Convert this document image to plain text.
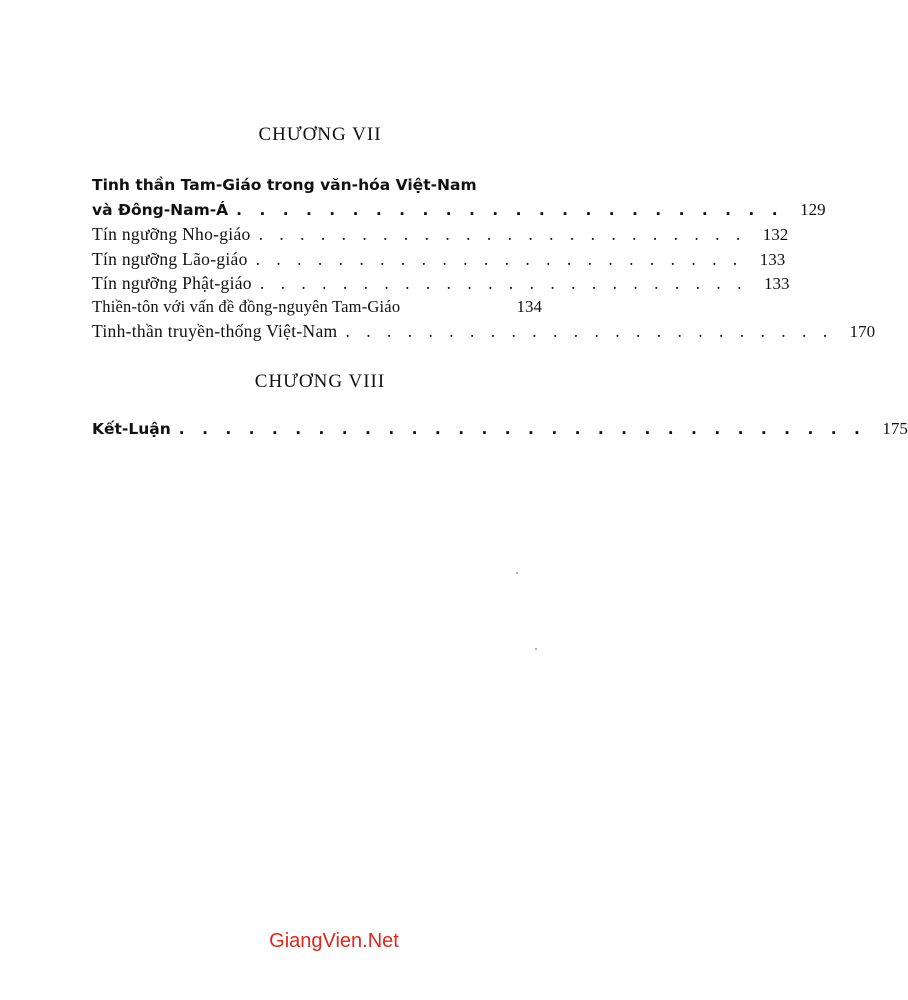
CHƯƠNG VII
Tinh thần Tam-Giáo trong văn-hóa Việt-Nam
và Đông-Nam-Á . . . . . . . . . . . . . . . . . . . . . . . . 129
Tín ngưỡng Nho-giáo . . . . . . . . . . . . . . . . . . . . . . . . 132
Tín ngưỡng Lão-giáo . . . . . . . . . . . . . . . . . . . . . . . . 133
Tín ngưỡng Phật-giáo . . . . . . . . . . . . . . . . . . . . . . . . 133
Thiền-tôn với vấn đề đồng-nguyên Tam-Giáo	134
Tinh-thần truyền-thống Việt-Nam . . . . . . . . . . . . . . . . . . . . . . . . 170
CHƯƠNG VIII
Kết-Luận . . . . . . . . . . . . . . . . . . . . . . . . . . . . . . 175
GiangVien.Net
